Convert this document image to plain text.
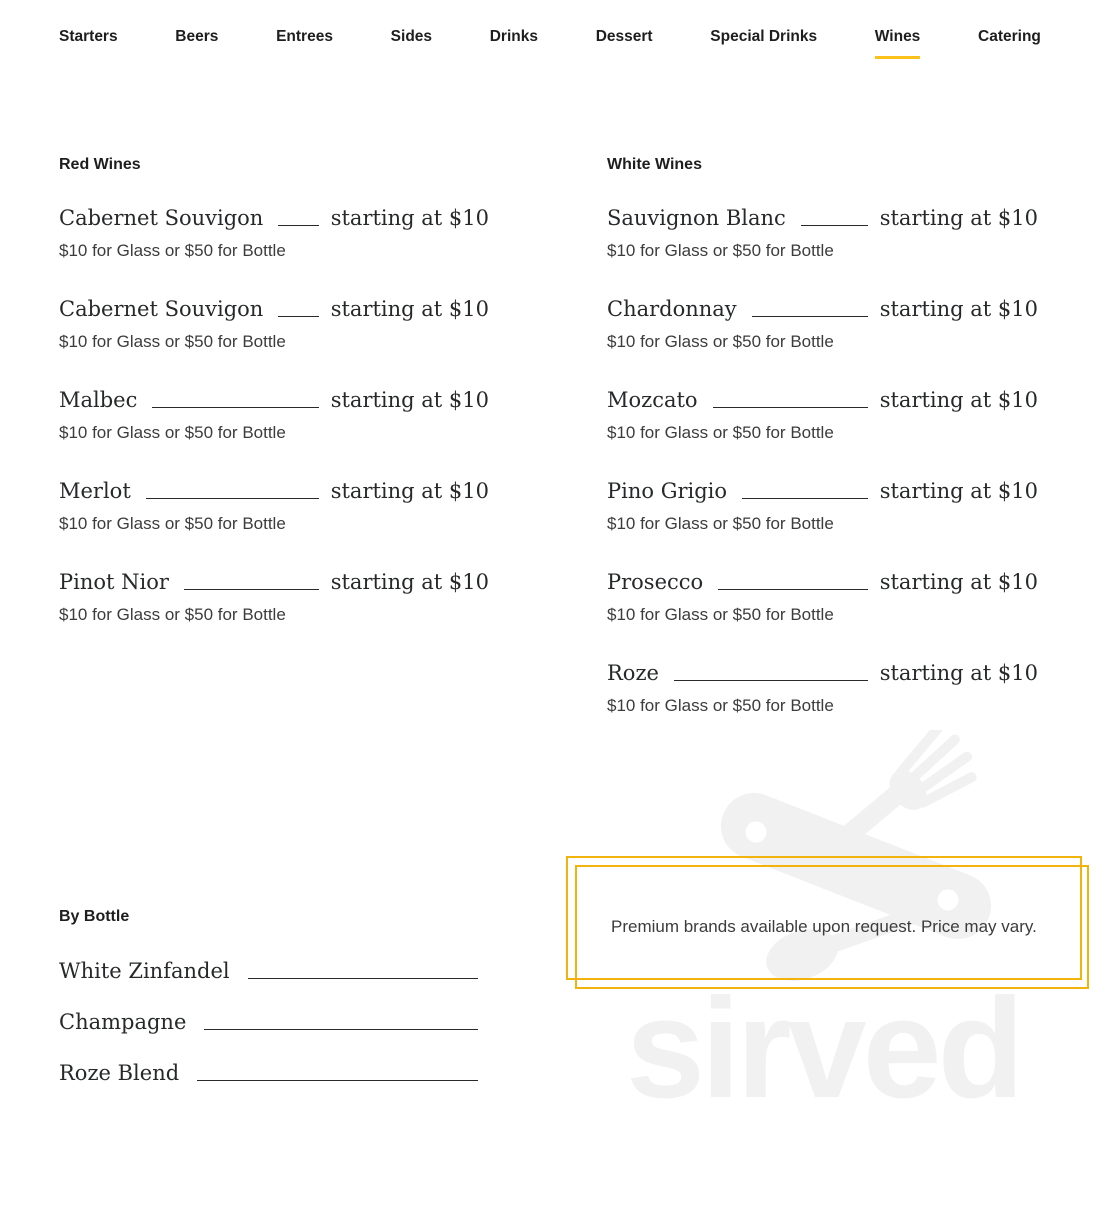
Starters	Beers	Entrees	Sides	Drinks	Dessert	Special Drinks	Wines	Catering
Red Wines
Cabernet Souvigon	starting at $10
$10 for Glass or $50 for Bottle
Cabernet Souvigon	starting at $10
$10 for Glass or $50 for Bottle
Malbec	starting at $10
$10 for Glass or $50 for Bottle
Merlot	starting at $10
$10 for Glass or $50 for Bottle
Pinot Nior	starting at $10
$10 for Glass or $50 for Bottle
White Wines
Sauvignon Blanc	starting at $10
$10 for Glass or $50 for Bottle
Chardonnay	starting at $10
$10 for Glass or $50 for Bottle
Mozcato	starting at $10
$10 for Glass or $50 for Bottle
Pino Grigio	starting at $10
$10 for Glass or $50 for Bottle
Prosecco	starting at $10
$10 for Glass or $50 for Bottle
Roze	starting at $10
$10 for Glass or $50 for Bottle
By Bottle
White Zinfandel
Champagne
Roze Blend

Premium brands available upon request. Price may vary.

sirved
